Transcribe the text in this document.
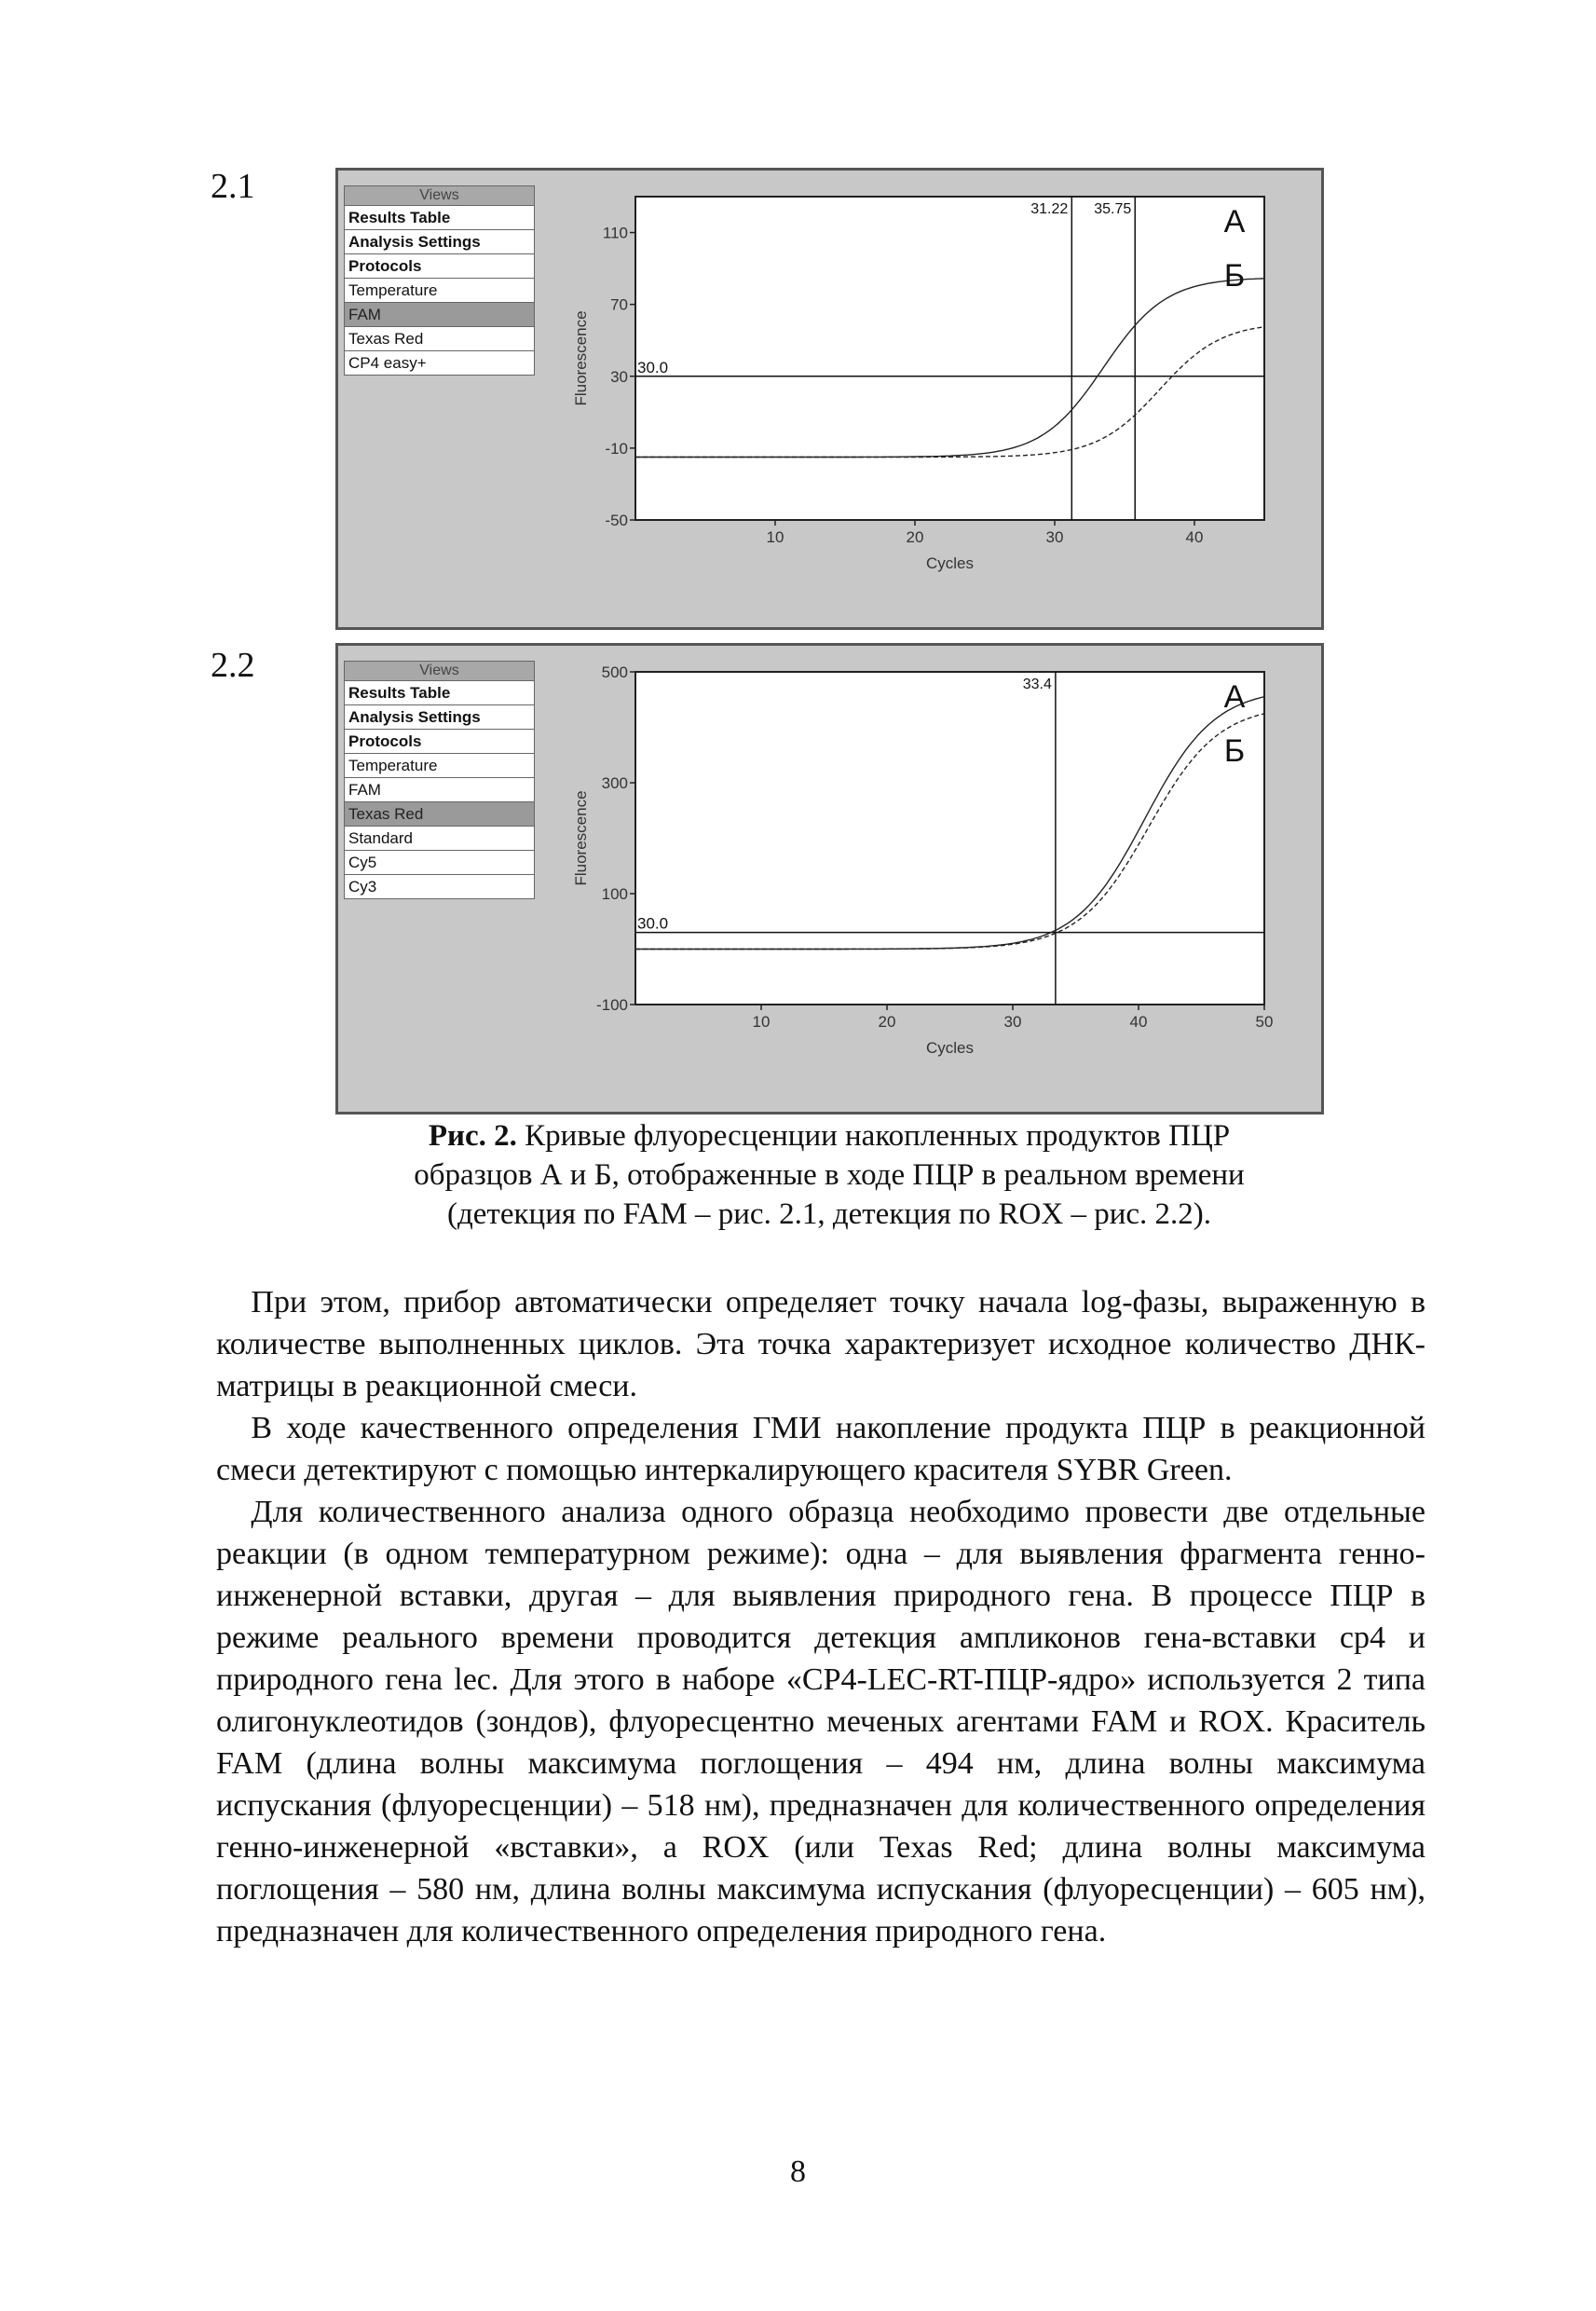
2.1	Views
Results Table
Analysis Settings
Protocols
Temperature
FAM
Texas Red
CP4 easy+
110
70
30
-10
-50
10	20	30	40
Cycles
Fluorescence	30.0
31.22 35.75	А
Б
2.2	Views
Results Table
Analysis Settings
Protocols
Temperature
FAM
Texas Red
Standard
Cy5
Cy3
500
300
100
-100
10	20	30	40	50
Cycles
Fluorescence
30.0
33.4	А
Б
Рис. 2. Кривые флуоресценции накопленных продуктов ПЦР образцов А и Б, отображенные в ходе ПЦР в реальном времени (детекция по FAM – рис. 2.1, детекция по ROX – рис. 2.2).

При этом, прибор автоматически определяет точку начала log-фазы, выраженную в количестве выполненных циклов. Эта точка характеризует исходное количество ДНК-матрицы в реакционной смеси.

В ходе качественного определения ГМИ накопление продукта ПЦР в реакционной смеси детектируют с помощью интеркалирующего красителя SYBR Green.

Для количественного анализа одного образца необходимо провести две отдельные реакции (в одном температурном режиме): одна – для выявления фрагмента генно-инженерной вставки, другая – для выявления природного гена. В процессе ПЦР в режиме реального времени проводится детекция ампликонов гена-вставки cp4 и природного гена lec. Для этого в наборе «CP4-LEC-RT-ПЦР-ядро» используется 2 типа олигонуклеотидов (зондов), флуоресцентно меченых агентами FAM и ROX. Краситель FAM (длина волны максимума поглощения – 494 нм, длина волны максимума испускания (флуоресценции) – 518 нм), предназначен для количественного определения генно-инженерной «вставки», а ROX (или Texas Red; длина волны максимума поглощения – 580 нм, длина волны максимума испускания (флуоресценции) – 605 нм), предназначен для количественного определения природного гена.

8
